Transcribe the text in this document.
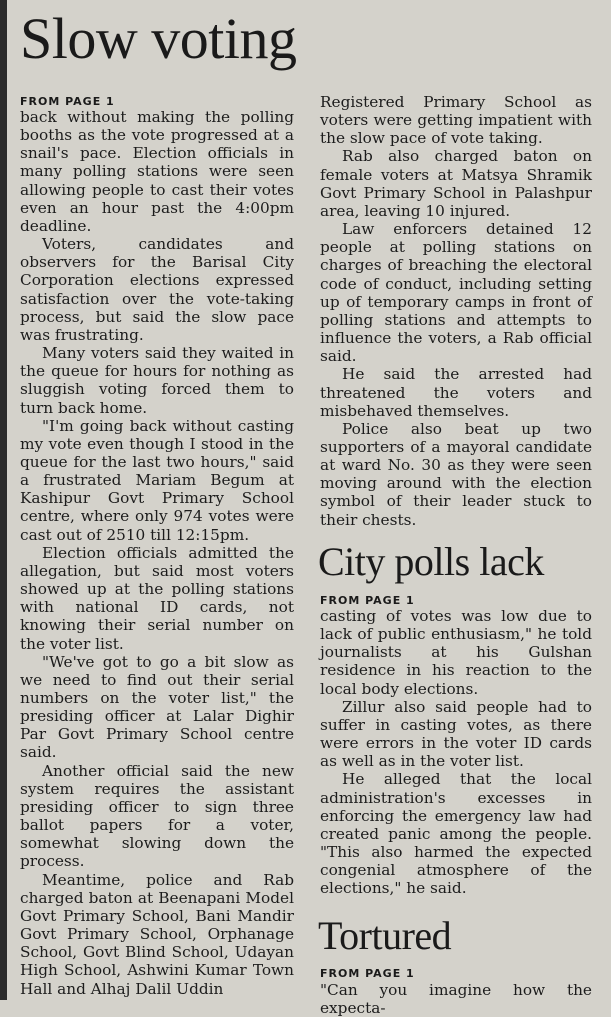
Slow voting
FROM PAGE 1

back without making the polling booths as the vote progressed at a snail's pace. Election officials in many polling stations were seen allowing people to cast their votes even an hour past the 4:00pm deadline.

Voters, candidates and observers for the Barisal City Corporation elections expressed satisfaction over the vote-taking process, but said the slow pace was frustrating.

Many voters said they waited in the queue for hours for nothing as sluggish voting forced them to turn back home.

"I'm going back without casting my vote even though I stood in the queue for the last two hours," said a frustrated Mariam Begum at Kashipur Govt Primary School centre, where only 974 votes were cast out of 2510 till 12:15pm.

Election officials admitted the allegation, but said most voters showed up at the polling stations with national ID cards, not knowing their serial number on the voter list.

"We've got to go a bit slow as we need to find out their serial numbers on the voter list," the presiding officer at Lalar Dighir Par Govt Primary School centre said.

Another official said the new system requires the assistant presiding officer to sign three ballot papers for a voter, somewhat slowing down the process.

Meantime, police and Rab charged baton at Beenapani Model Govt Primary School, Bani Mandir Govt Primary School, Orphanage School, Govt Blind School, Udayan High School, Ashwini Kumar Town Hall and Alhaj Dalil Uddin

Registered Primary School as voters were getting impatient with the slow pace of vote taking.

Rab also charged baton on female voters at Matsya Shramik Govt Primary School in Palashpur area, leaving 10 injured.

Law enforcers detained 12 people at polling stations on charges of breaching the electoral code of conduct, including setting up of temporary camps in front of polling stations and attempts to influence the voters, a Rab official said.

He said the arrested had threatened the voters and misbehaved themselves.

Police also beat up two supporters of a mayoral candidate at ward No. 30 as they were seen moving around with the election symbol of their leader stuck to their chests.

City polls lack
FROM PAGE 1

casting of votes was low due to lack of public enthusiasm," he told journalists at his Gulshan residence in his reaction to the local body elections.

Zillur also said people had to suffer in casting votes, as there were errors in the voter ID cards as well as in the voter list.

He alleged that the local administration's excesses in enforcing the emergency law had created panic among the people. "This also harmed the expected congenial atmosphere of the elections," he said.

Tortured
FROM PAGE 1

"Can you imagine how the expecta-
